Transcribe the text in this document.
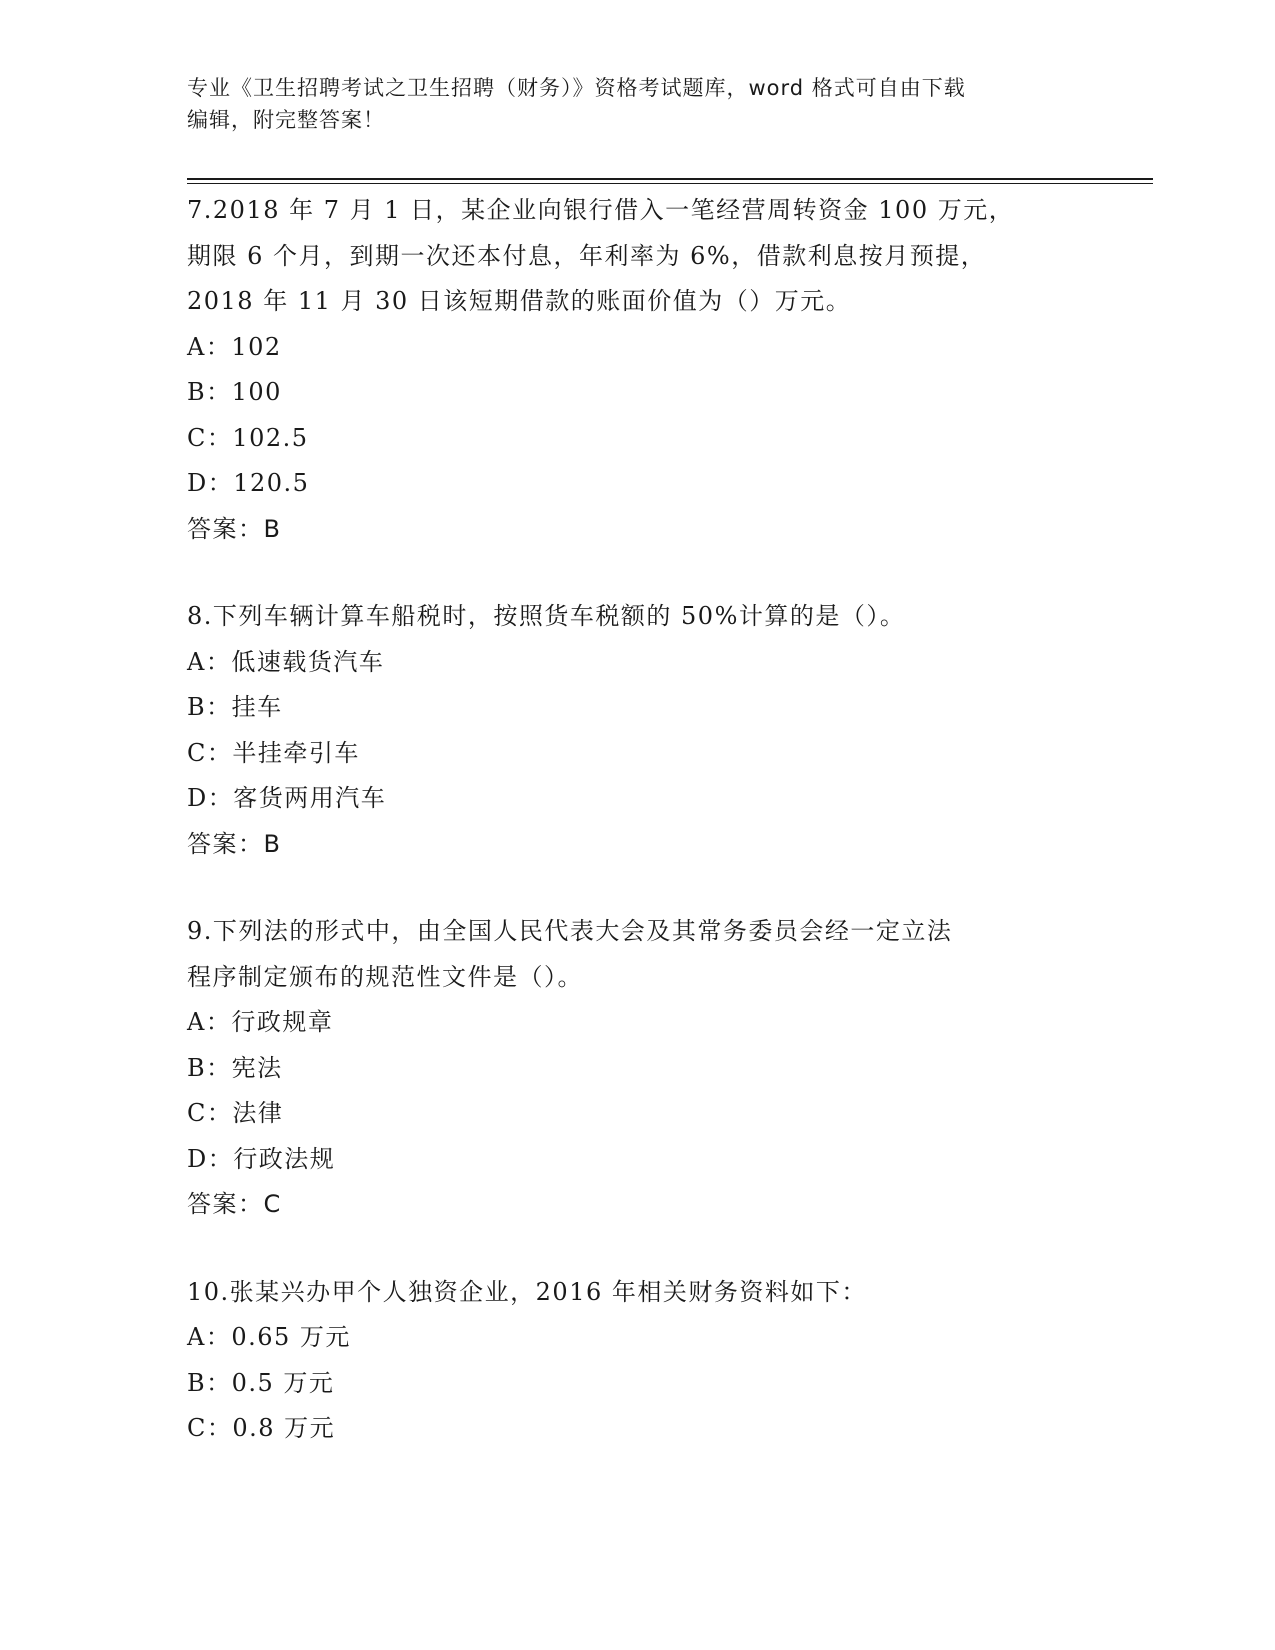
专业《卫生招聘考试之卫生招聘（财务）》资格考试题库，word 格式可自由下载
编辑，附完整答案！
7.2018 年 7 月 1 日，某企业向银行借入一笔经营周转资金 100 万元，
期限 6 个月，到期一次还本付息，年利率为 6%，借款利息按月预提，
2018 年 11 月 30 日该短期借款的账面价值为（）万元。
A：102
B：100
C：102.5
D：120.5
答案：B
8.下列车辆计算车船税时，按照货车税额的 50%计算的是（）。
A：低速载货汽车
B：挂车
C：半挂牵引车
D：客货两用汽车
答案：B
9.下列法的形式中，由全国人民代表大会及其常务委员会经一定立法
程序制定颁布的规范性文件是（）。
A：行政规章
B：宪法
C：法律
D：行政法规
答案：C
10.张某兴办甲个人独资企业，2016 年相关财务资料如下：
A：0.65 万元
B：0.5 万元
C：0.8 万元
